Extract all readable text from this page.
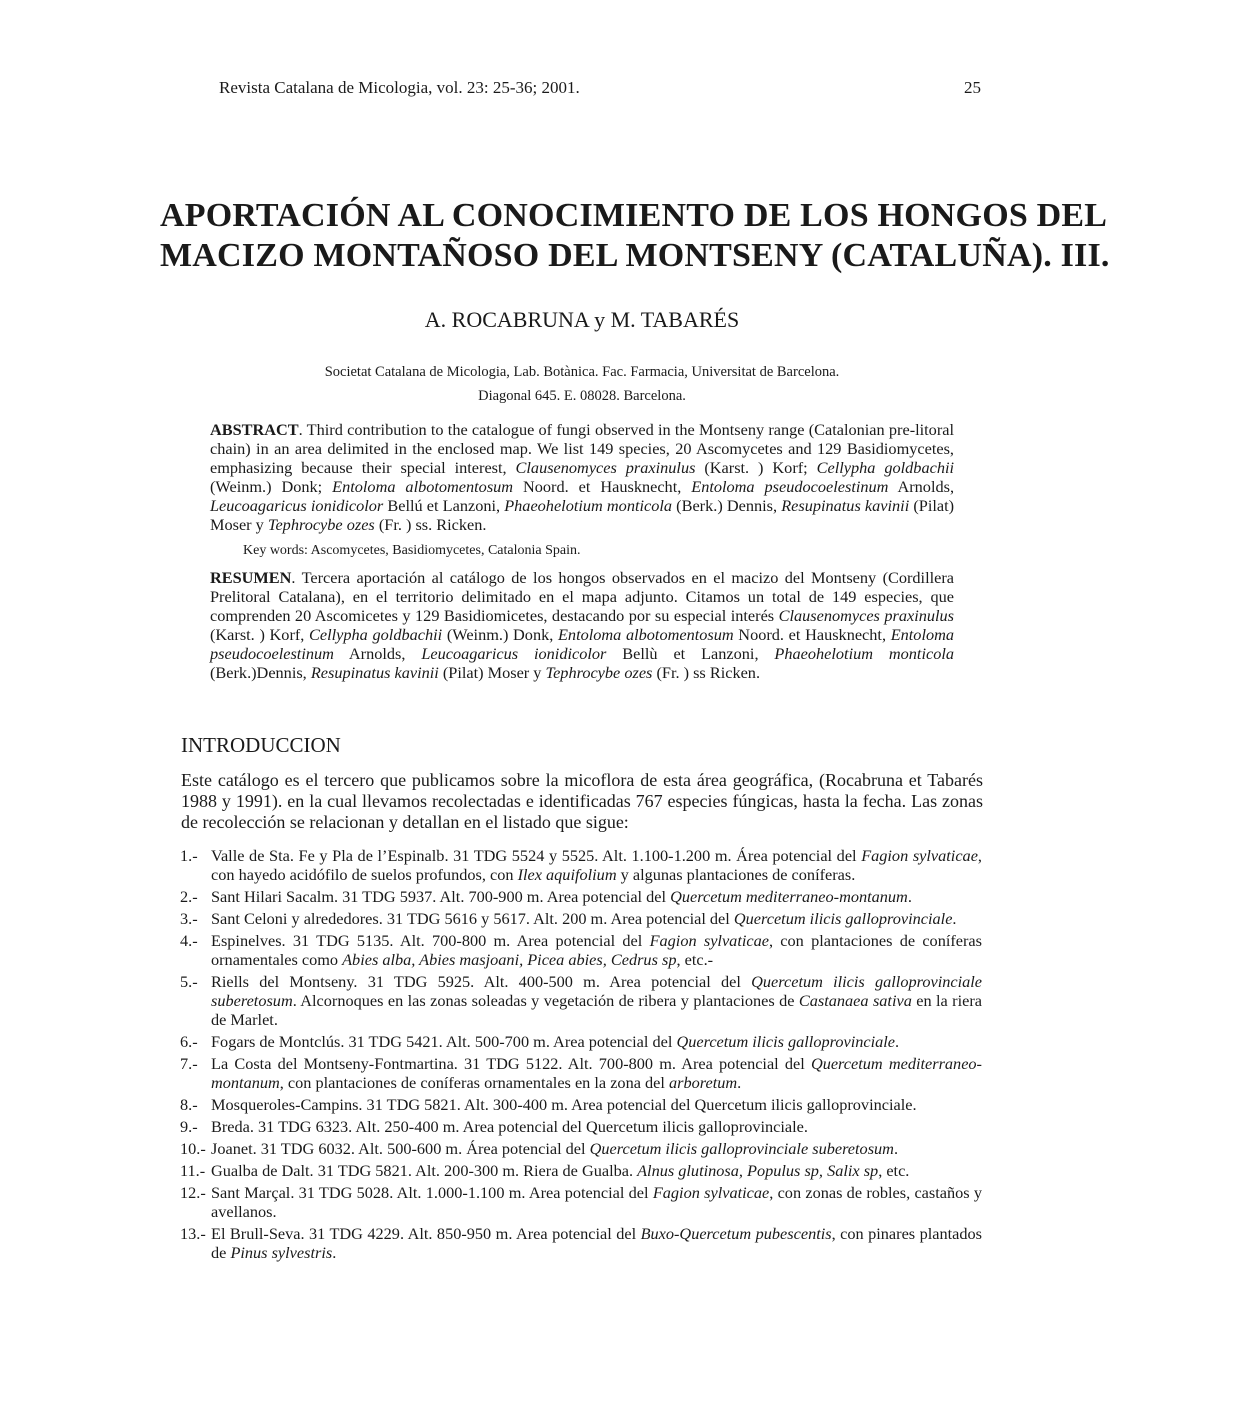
Revista Catalana de Micologia, vol. 23: 25-36; 2001.	25
APORTACIÓN AL CONOCIMIENTO DE LOS HONGOS DEL
MACIZO MONTAÑOSO DEL MONTSENY (CATALUÑA). III.
A. ROCABRUNA y M. TABARÉS
Societat Catalana de Micologia, Lab. Botànica. Fac. Farmacia, Universitat de Barcelona.
Diagonal 645. E. 08028. Barcelona.
ABSTRACT. Third contribution to the catalogue of fungi observed in the Montseny range (Catalonian pre-litoral chain) in an area delimited in the enclosed map. We list 149 species, 20 Ascomycetes and 129 Basidiomycetes, emphasizing because their special interest, Clausenomyces praxinulus (Karst. ) Korf; Cellypha goldbachii (Weinm.) Donk; Entoloma albotomentosum Noord. et Hausknecht, Entoloma pseudocoelestinum Arnolds, Leucoagaricus ionidicolor Bellú et Lanzoni, Phaeohelotium monticola (Berk.) Dennis, Resupinatus kavinii (Pilat) Moser y Tephrocybe ozes (Fr. ) ss. Ricken.
Key words: Ascomycetes, Basidiomycetes, Catalonia Spain.
RESUMEN. Tercera aportación al catálogo de los hongos observados en el macizo del Montseny (Cordillera Prelitoral Catalana), en el territorio delimitado en el mapa adjunto. Citamos un total de 149 especies, que comprenden 20 Ascomicetes y 129 Basidiomicetes, destacando por su especial interés Clausenomyces praxinulus (Karst. ) Korf, Cellypha goldbachii (Weinm.) Donk, Entoloma albotomentosum Noord. et Hausknecht, Entoloma pseudocoelestinum Arnolds, Leucoagaricus ionidicolor Bellù et Lanzoni, Phaeohelotium monticola (Berk.)Dennis, Resupinatus kavinii (Pilat) Moser y Tephrocybe ozes (Fr. ) ss Ricken.
INTRODUCCION
Este catálogo es el tercero que publicamos sobre la micoflora de esta área geográfica, (Rocabruna et Tabarés 1988 y 1991). en la cual llevamos recolectadas e identificadas 767 especies fúngicas, hasta la fecha. Las zonas de recolección se relacionan y detallan en el listado que sigue:
1.- Valle de Sta. Fe y Pla de l’Espinalb. 31 TDG 5524 y 5525. Alt. 1.100-1.200 m. Área potencial del Fagion sylvaticae, con hayedo acidófilo de suelos profundos, con Ilex aquifolium y algunas plantaciones de coníferas.
2.- Sant Hilari Sacalm. 31 TDG 5937. Alt. 700-900 m. Area potencial del Quercetum mediterraneo-montanum.
3.- Sant Celoni y alrededores. 31 TDG 5616 y 5617. Alt. 200 m. Area potencial del Quercetum ilicis galloprovinciale.
4.- Espinelves. 31 TDG 5135. Alt. 700-800 m. Area potencial del Fagion sylvaticae, con plantaciones de coníferas ornamentales como Abies alba, Abies masjoani, Picea abies, Cedrus sp, etc.-
5.- Riells del Montseny. 31 TDG 5925. Alt. 400-500 m. Area potencial del Quercetum ilicis galloprovinciale suberetosum. Alcornoques en las zonas soleadas y vegetación de ribera y plantaciones de Castanaea sativa en la riera de Marlet.
6.- Fogars de Montclús. 31 TDG 5421. Alt. 500-700 m. Area potencial del Quercetum ilicis galloprovinciale.
7.- La Costa del Montseny-Fontmartina. 31 TDG 5122. Alt. 700-800 m. Area potencial del Quercetum mediterraneo-montanum, con plantaciones de coníferas ornamentales en la zona del arboretum.
8.- Mosqueroles-Campins. 31 TDG 5821. Alt. 300-400 m. Area potencial del Quercetum ilicis galloprovinciale.
9.- Breda. 31 TDG 6323. Alt. 250-400 m. Area potencial del Quercetum ilicis galloprovinciale.
10.- Joanet. 31 TDG 6032. Alt. 500-600 m. Área potencial del Quercetum ilicis galloprovinciale suberetosum.
11.- Gualba de Dalt. 31 TDG 5821. Alt. 200-300 m. Riera de Gualba. Alnus glutinosa, Populus sp, Salix sp, etc.
12.- Sant Marçal. 31 TDG 5028. Alt. 1.000-1.100 m. Area potencial del Fagion sylvaticae, con zonas de robles, castaños y avellanos.
13.- El Brull-Seva. 31 TDG 4229. Alt. 850-950 m. Area potencial del Buxo-Quercetum pubescentis, con pinares plantados de Pinus sylvestris.
